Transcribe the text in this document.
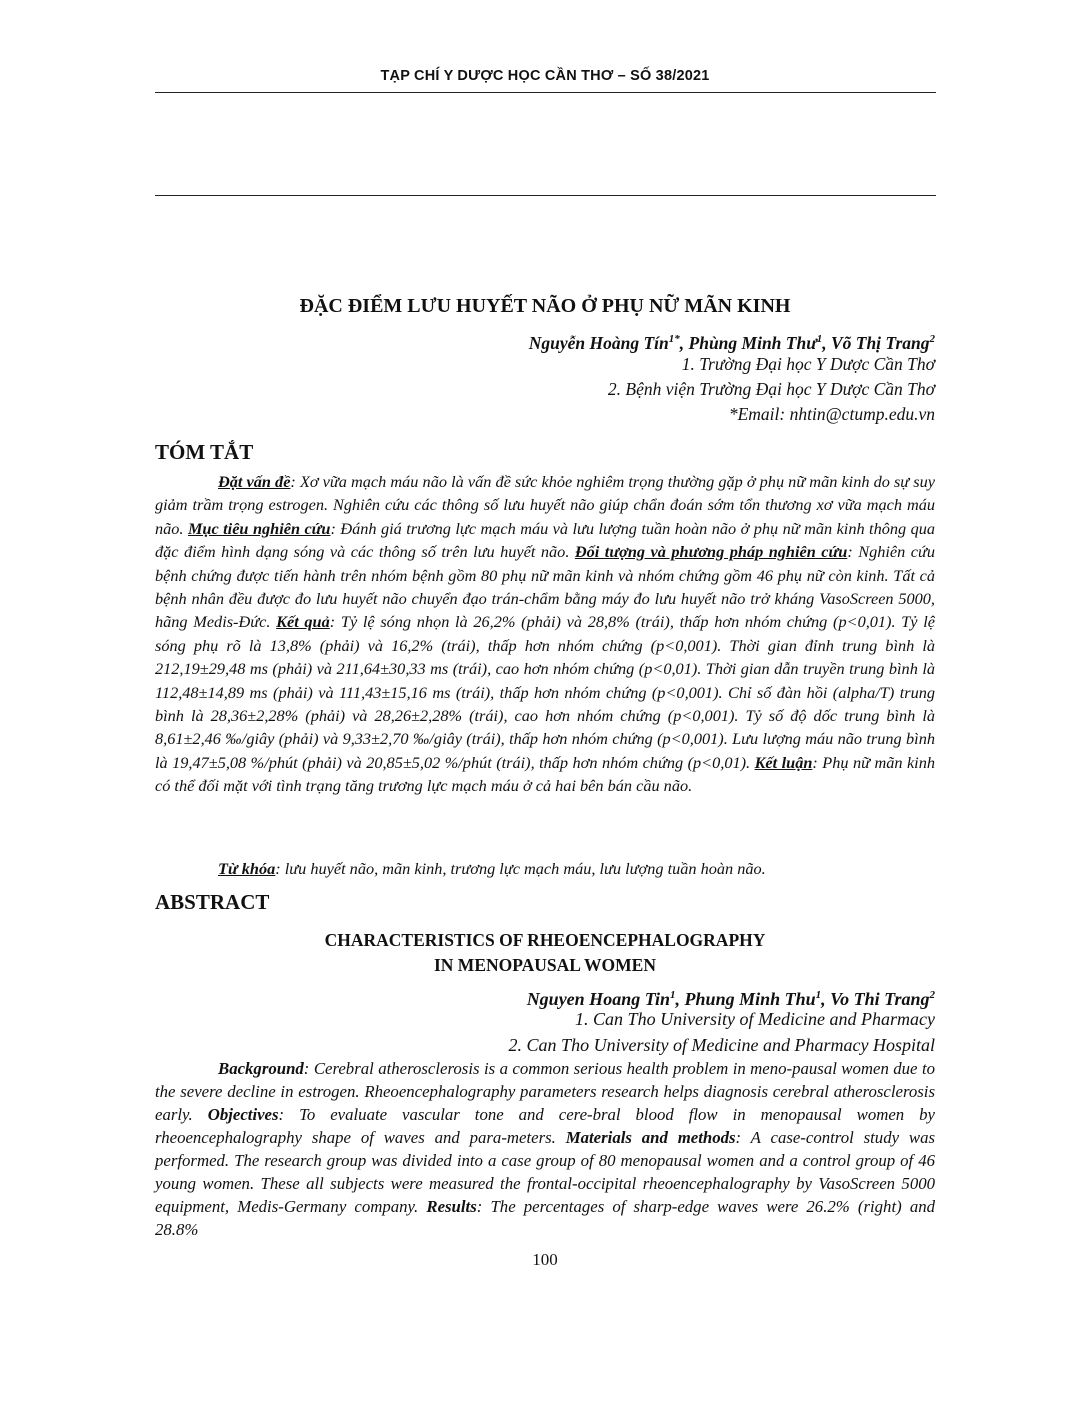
TẠP CHÍ Y DƯỢC HỌC CẦN THƠ – SỐ 38/2021
ĐẶC ĐIỂM LƯU HUYẾT NÃO Ở PHỤ NỮ MÃN KINH
Nguyễn Hoàng Tín$^{1*}$, Phùng Minh Thư$^1$, Võ Thị Trang$^2$
1. Trường Đại học Y Dược Cần Thơ
2. Bệnh viện Trường Đại học Y Dược Cần Thơ
*Email: nhtin@ctump.edu.vn
TÓM TẮT
Đặt vấn đề: Xơ vữa mạch máu não là vấn đề sức khỏe nghiêm trọng thường gặp ở phụ nữ mãn kinh do sự suy giảm trầm trọng estrogen. Nghiên cứu các thông số lưu huyết não giúp chẩn đoán sớm tổn thương xơ vữa mạch máu não. Mục tiêu nghiên cứu: Đánh giá trương lực mạch máu và lưu lượng tuần hoàn não ở phụ nữ mãn kinh thông qua đặc điểm hình dạng sóng và các thông số trên lưu huyết não. Đối tượng và phương pháp nghiên cứu: Nghiên cứu bệnh chứng được tiến hành trên nhóm bệnh gồm 80 phụ nữ mãn kinh và nhóm chứng gồm 46 phụ nữ còn kinh. Tất cả bệnh nhân đều được đo lưu huyết não chuyển đạo trán-chẩm bằng máy đo lưu huyết não trở kháng VasoScreen 5000, hãng Medis-Đức. Kết quả: Tỷ lệ sóng nhọn là 26,2% (phải) và 28,8% (trái), thấp hơn nhóm chứng (p<0,01). Tỷ lệ sóng phụ rõ là 13,8% (phải) và 16,2% (trái), thấp hơn nhóm chứng (p<0,001). Thời gian đỉnh trung bình là 212,19±29,48 ms (phải) và 211,64±30,33 ms (trái), cao hơn nhóm chứng (p<0,01). Thời gian dẫn truyền trung bình là 112,48±14,89 ms (phải) và 111,43±15,16 ms (trái), thấp hơn nhóm chứng (p<0,001). Chỉ số đàn hồi (alpha/T) trung bình là 28,36±2,28% (phải) và 28,26±2,28% (trái), cao hơn nhóm chứng (p<0,001). Tỷ số độ dốc trung bình là 8,61±2,46 ‰/giây (phải) và 9,33±2,70 ‰/giây (trái), thấp hơn nhóm chứng (p<0,001). Lưu lượng máu não trung bình là 19,47±5,08 %/phút (phải) và 20,85±5,02 %/phút (trái), thấp hơn nhóm chứng (p<0,01). Kết luận: Phụ nữ mãn kinh có thể đối mặt với tình trạng tăng trương lực mạch máu ở cả hai bên bán cầu não.
Từ khóa: lưu huyết não, mãn kinh, trương lực mạch máu, lưu lượng tuần hoàn não.
ABSTRACT
CHARACTERISTICS OF RHEOENCEPHALOGRAPHY
IN MENOPAUSAL WOMEN
Nguyen Hoang Tin$^1$, Phung Minh Thu$^1$, Vo Thi Trang$^2$
1. Can Tho University of Medicine and Pharmacy
2. Can Tho University of Medicine and Pharmacy Hospital
Background: Cerebral atherosclerosis is a common serious health problem in meno-pausal women due to the severe decline in estrogen. Rheoencephalography parameters research helps diagnosis cerebral atherosclerosis early. Objectives: To evaluate vascular tone and cere-bral blood flow in menopausal women by rheoencephalography shape of waves and para-meters. Materials and methods: A case-control study was performed. The research group was divided into a case group of 80 menopausal women and a control group of 46 young women. These all subjects were measured the frontal-occipital rheoencephalography by VasoScreen 5000 equipment, Medis-Germany company. Results: The percentages of sharp-edge waves were 26.2% (right) and 28.8%
100
